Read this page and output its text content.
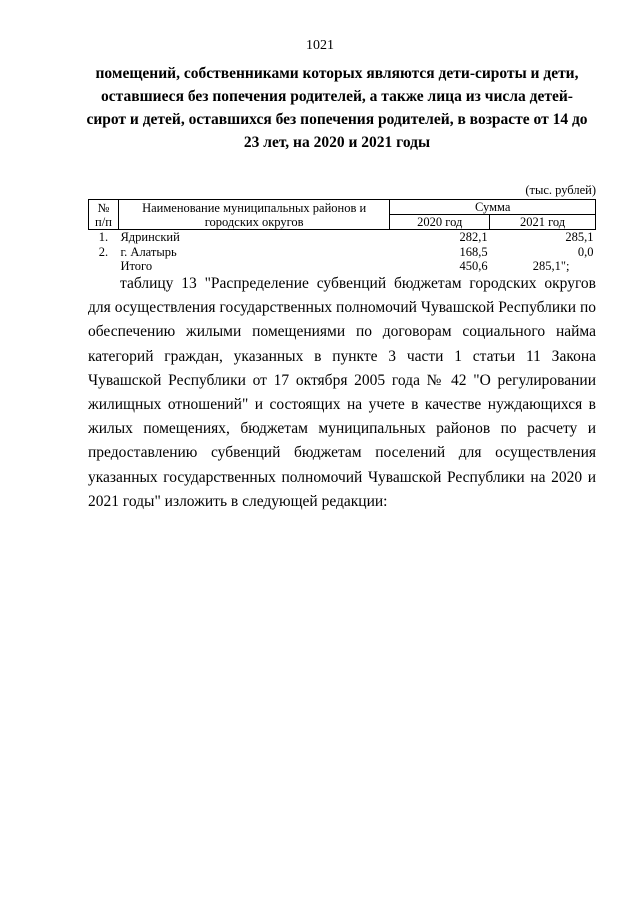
1021
помещений, собственниками которых являются дети-сироты и дети, оставшиеся без попечения родителей, а также лица из числа детей-сирот и детей, оставшихся без попечения родителей, в возрасте от 14 до 23 лет, на 2020 и 2021 годы
(тыс. рублей)
№ п/п	Наименование муниципальных районов и городских округов	Сумма	
		2020 год	2021 год
1.	Ядринский	282,1	285,1
2.	г. Алатырь	168,5	0,0
	Итого	450,6	285,1";
таблицу 13 "Распределение субвенций бюджетам городских округов для осуществления государственных полномочий Чувашской Республики по обеспечению жилыми помещениями по договорам социального найма категорий граждан, указанных в пункте 3 части 1 статьи 11 Закона Чувашской Республики от 17 октября 2005 года № 42 "О регулировании жилищных отношений" и состоящих на учете в качестве нуждающихся в жилых помещениях, бюджетам муниципальных районов по расчету и предоставлению субвенций бюджетам поселений для осуществления указанных государственных полномочий Чувашской Республики на 2020 и 2021 годы" изложить в следующей редакции:
